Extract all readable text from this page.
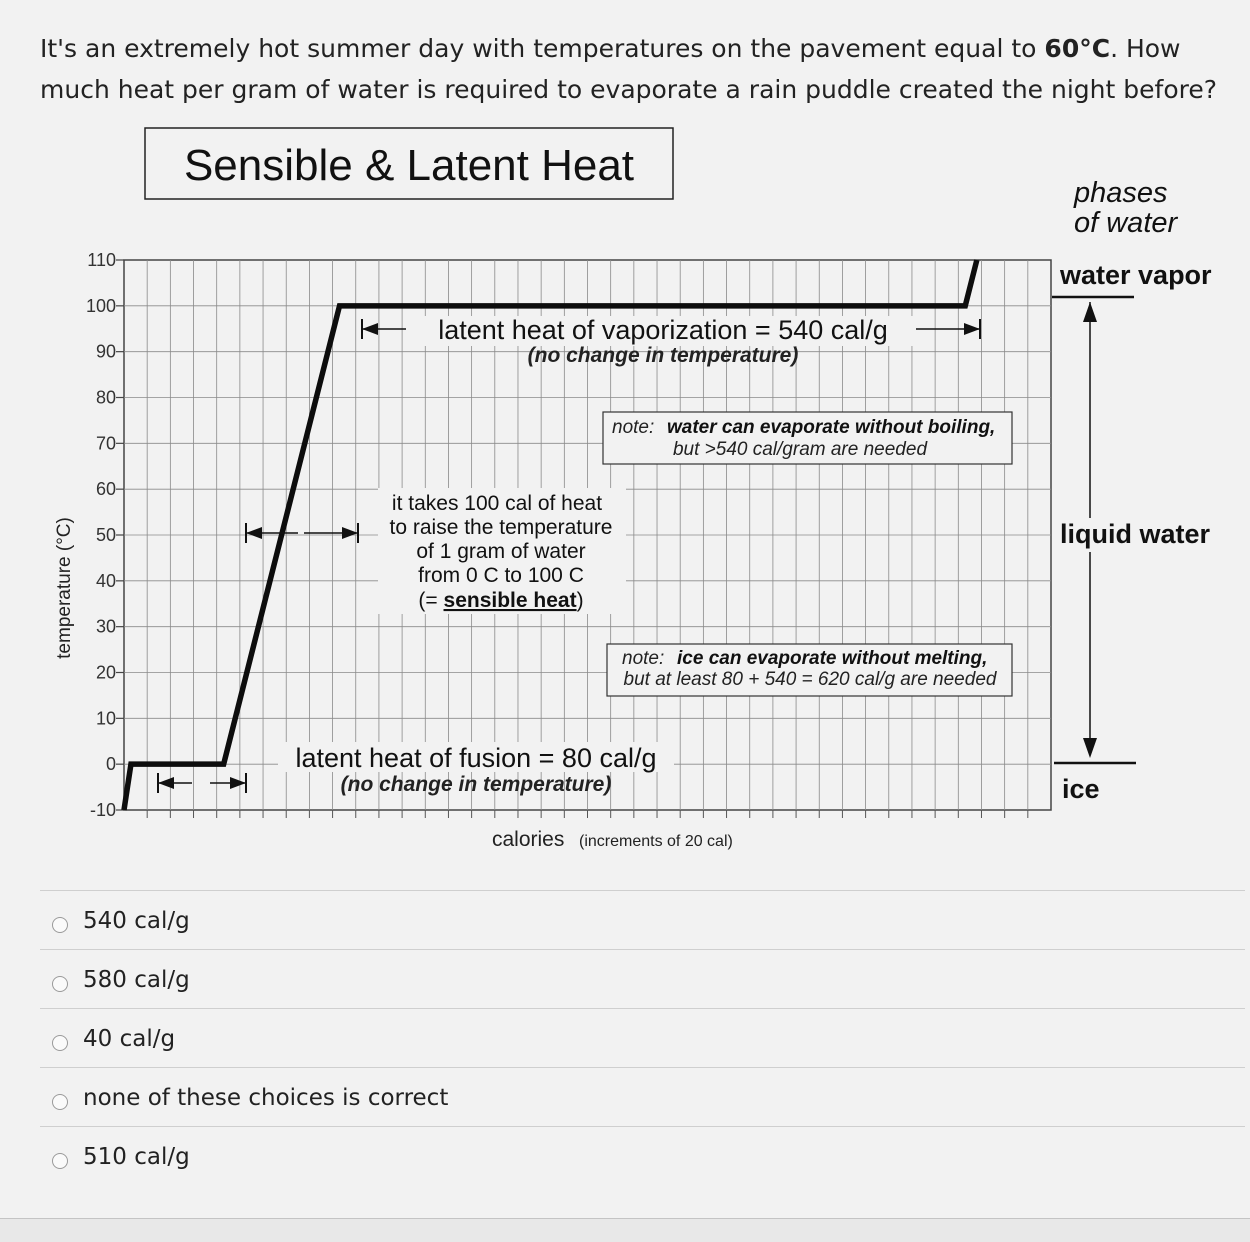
It's an extremely hot summer day with temperatures on the pavement equal to 60°C. How much heat per gram of water is required to evaporate a rain puddle created the night before?
110
100
90
80
70
60
50
40
30
20
10
0
-10
Sensible & Latent Heat
temperature (°C)
latent heat of vaporization = 540 cal/g
(no change in temperature)
note: water can evaporate without boiling,
but >540 cal/gram are needed
it takes 100 cal of heat
to raise the temperature
of 1 gram of water
from 0 C to 100 C
(= sensible heat)
note: ice can evaporate without melting,
but at least 80 + 540 = 620 cal/g are needed
latent heat of fusion = 80 cal/g
(no change in temperature)
calories (increments of 20 cal)
phases
of water
water vapor
liquid water
ice
540 cal/g
580 cal/g
40 cal/g
none of these choices is correct
510 cal/g
